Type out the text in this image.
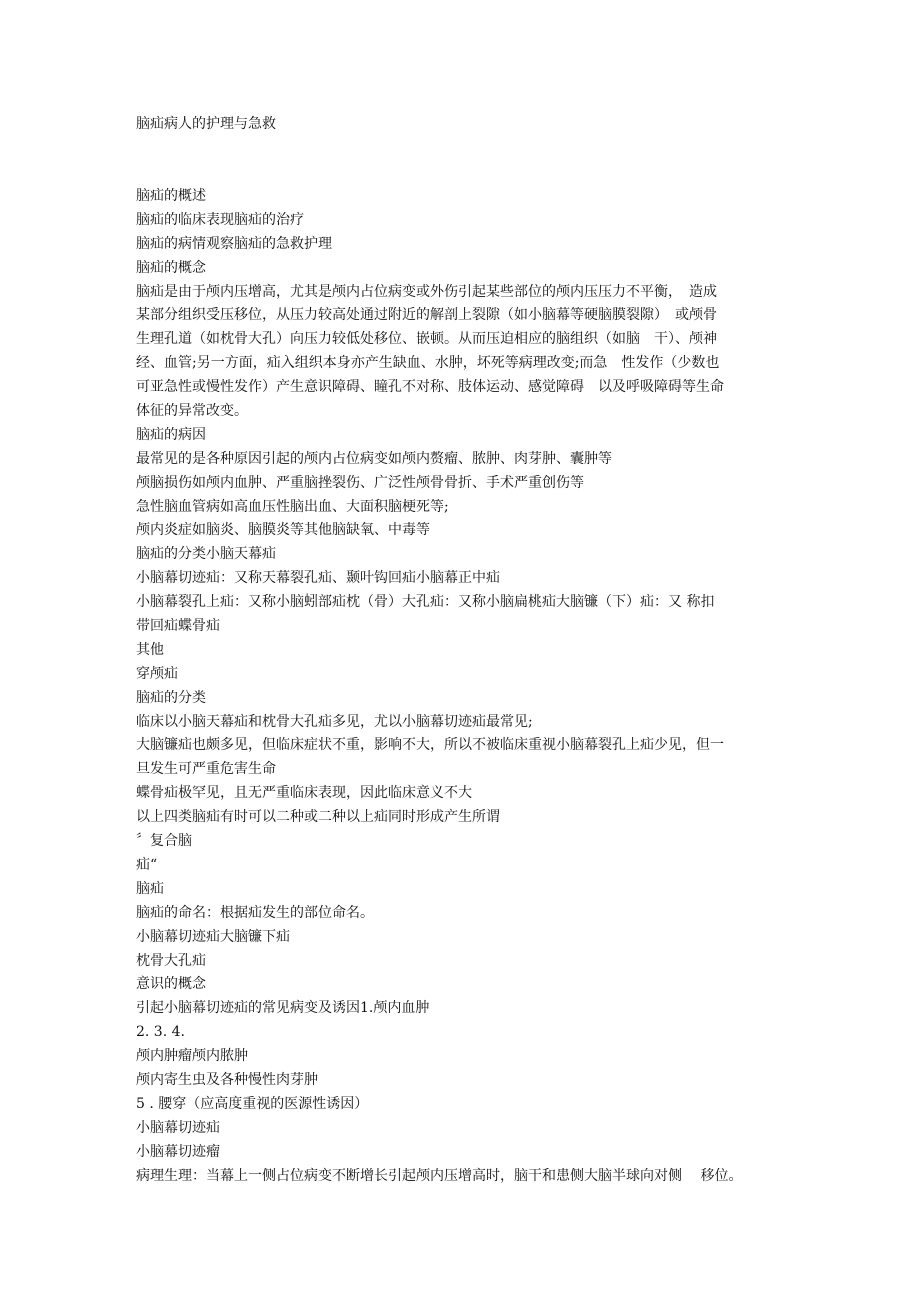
脑疝病人的护理与急救
脑疝的概述
脑疝的临床表现脑疝的治疗
脑疝的病情观察脑疝的急救护理
脑疝的概念
脑疝是由于颅内压增高，尤其是颅内占位病变或外伤引起某些部位的颅内压压力不平衡，　造成
某部分组织受压移位，从压力较高处通过附近的解剖上裂隙（如小脑幕等硬脑膜裂隙）　或颅骨
生理孔道（如枕骨大孔）向压力较低处移位、嵌顿。从而压迫相应的脑组织（如脑　干）、颅神
经、血管;另一方面，疝入组织本身亦产生缺血、水肿，坏死等病理改变;而急　性发作（少数也
可亚急性或慢性发作）产生意识障碍、瞳孔不对称、肢体运动、感觉障碍　以及呼吸障碍等生命
体征的异常改变。
脑疝的病因
最常见的是各种原因引起的颅内占位病变如颅内赘瘤、脓肿、肉芽肿、囊肿等
颅脑损伤如颅内血肿、严重脑挫裂伤、广泛性颅骨骨折、手术严重创伤等
急性脑血管病如高血压性脑出血、大面积脑梗死等;
颅内炎症如脑炎、脑膜炎等其他脑缺氧、中毒等
脑疝的分类小脑天幕疝
小脑幕切迹疝：又称天幕裂孔疝、颞叶钩回疝小脑幕正中疝
小脑幕裂孔上疝：又称小脑蚓部疝枕（骨）大孔疝：又称小脑扁桃疝大脑镰（下）疝：又 称扣
带回疝蝶骨疝
其他
穿颅疝
脑疝的分类
临床以小脑天幕疝和枕骨大孔疝多见，尤以小脑幕切迹疝最常见;
大脑镰疝也颇多见，但临床症状不重，影响不大，所以不被临床重视小脑幕裂孔上疝少见，但一
旦发生可严重危害生命
蝶骨疝极罕见，且无严重临床表现，因此临床意义不大
以上四类脑疝有时可以二种或二种以上疝同时形成产生所谓
〞复合脑
疝“
脑疝
脑疝的命名：根据疝发生的部位命名。
小脑幕切迹疝大脑镰下疝
枕骨大孔疝
意识的概念
引起小脑幕切迹疝的常见病变及诱因1.颅内血肿
2. 3. 4.
颅内肿瘤颅内脓肿
颅内寄生虫及各种慢性肉芽肿
5 . 腰穿（应高度重视的医源性诱因）
小脑幕切迹疝
小脑幕切迹瘤
病理生理：当幕上一侧占位病变不断增长引起颅内压增高时，脑干和患侧大脑半球向对侧　 移位。
